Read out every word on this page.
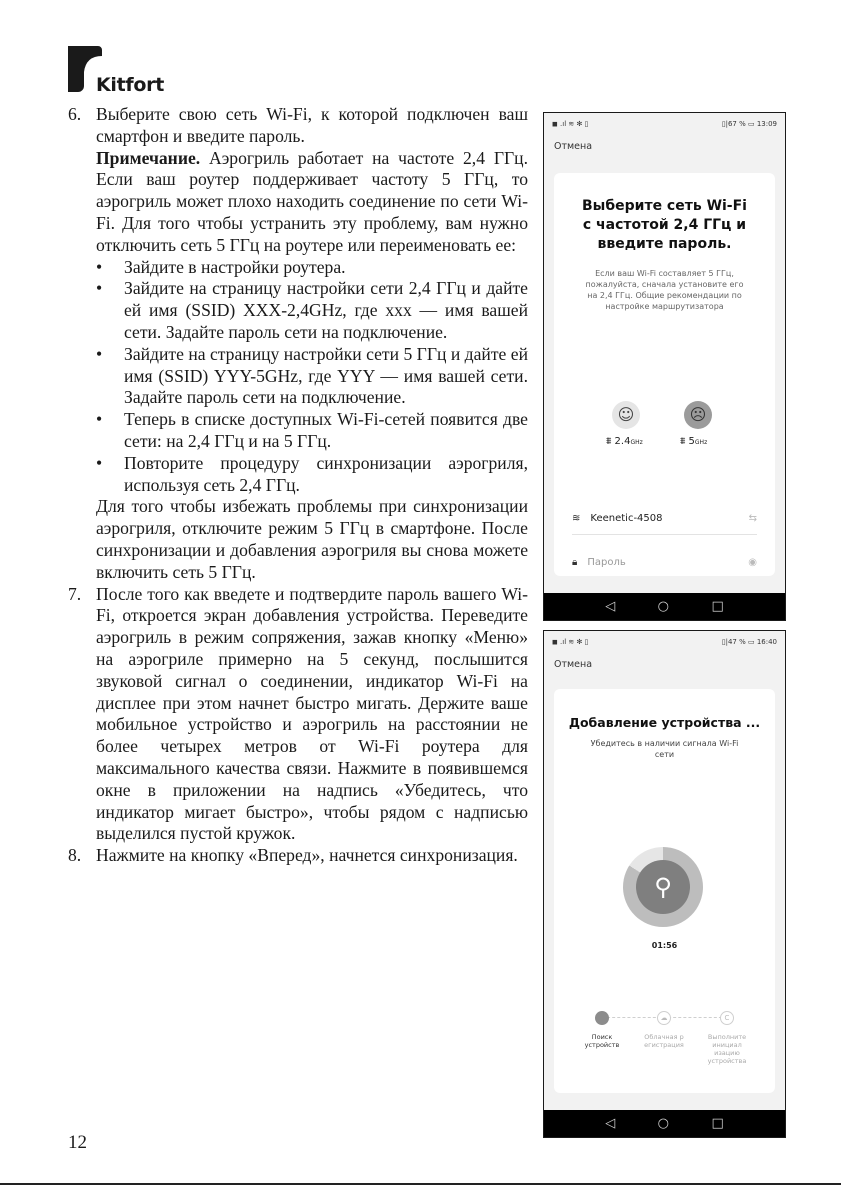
Kitfort
6. Выберите свою сеть Wi-Fi, к которой подключен ваш смартфон и введите пароль.

Примечание. Аэрогриль работает на частоте 2,4 ГГц. Если ваш роутер поддерживает частоту 5 ГГц, то аэрогриль может плохо находить соединение по сети Wi-Fi. Для того чтобы устранить эту проблему, вам нужно отключить сеть 5 ГГц на роутере или переименовать ее:

•	Зайдите в настройки роутера.
•	Зайдите на страницу настройки сети 2,4 ГГц и дайте ей имя (SSID) XXX-2,4GHz, где ххх — имя вашей сети. Задайте пароль сети на подключение.
•	Зайдите на страницу настройки сети 5 ГГц и дайте ей имя (SSID) YYY-5GHz, где YYY — имя вашей сети. Задайте пароль сети на подключение.
•	Теперь в списке доступных Wi-Fi-сетей появится две сети: на 2,4 ГГц и на 5 ГГц.
•	Повторите процедуру синхронизации аэрогриля, используя сеть 2,4 ГГц.

Для того чтобы избежать проблемы при синхронизации аэрогриля, отключите режим 5 ГГц в смартфоне. После синхронизации и добавления аэрогриля вы снова можете включить сеть 5 ГГц.

7. После того как введете и подтвердите пароль вашего Wi-Fi, откроется экран добавления устройства. Переведите аэрогриль в режим сопряжения, зажав кнопку «Меню» на аэрогриле примерно на 5 секунд, послышится звуковой сигнал о соединении, индикатор Wi-Fi на дисплее при этом начнет быстро мигать. Держите ваше мобильное устройство и аэрогриль на расстоянии не более четырех метров от Wi-Fi роутера для максимального качества связи. Нажмите в появившемся окне в приложении на надпись «Убедитесь, что индикатор мигает быстро», чтобы рядом с надписью выделился пустой кружок.

8. Нажмите на кнопку «Вперед», начнется синхронизация.

◼ .ıl ≋ ✻ ▯	▯|67 % ▭ 13:09
Отмена
Выберите сеть Wi-Fi с частотой 2,4 ГГц и введите пароль.
Если ваш Wi-Fi составляет 5 ГГц, пожалуйста, сначала установите его на 2,4 ГГц. Общие рекомендации по настройке маршрутизатора
☺	☹
⩩ 2.4GHz	⩩ 5GHz
≋	Keenetic-4508	⇆
🔒︎	Пароль	◉
◁	○	□
◼ .ıl ≋ ✻ ▯	▯|47 % ▭ 16:40
Отмена
Добавление устройства ...
Убедитесь в наличии сигнала Wi-Fi сети
⚲
01:56
Поиск устройств
☁
Облачная р егистрация
C
Выполните инициал изацию устройства
◁	○	□
12
